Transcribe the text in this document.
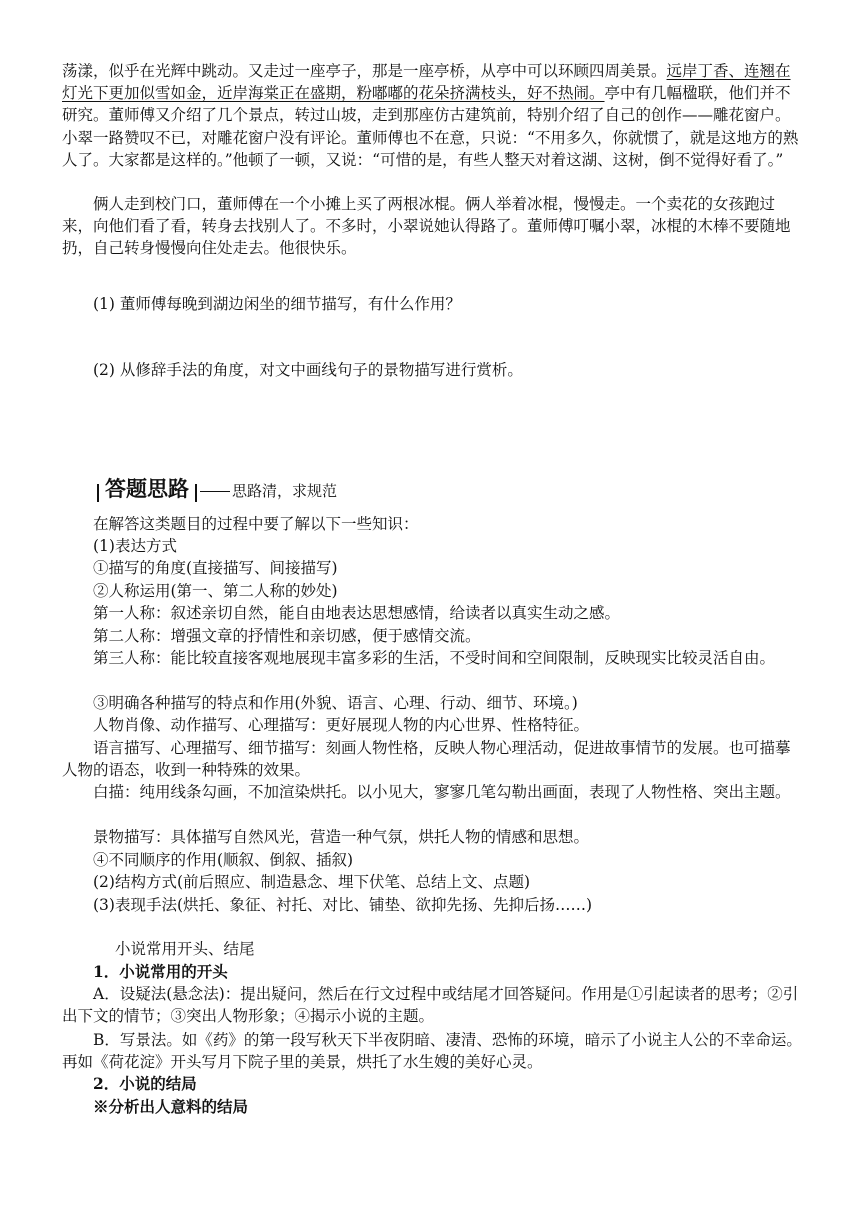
荡漾，似乎在光辉中跳动。又走过一座亭子，那是一座亭桥，从亭中可以环顾四周美景。远岸丁香、连翘在灯光下更加似雪如金，近岸海棠正在盛期，粉嘟嘟的花朵挤满枝头，好不热闹。亭中有几幅楹联，他们并不研究。董师傅又介绍了几个景点，转过山坡，走到那座仿古建筑前，特别介绍了自己的创作——雕花窗户。小翠一路赞叹不已，对雕花窗户没有评论。董师傅也不在意，只说：“不用多久，你就惯了，就是这地方的熟人了。大家都是这样的。”他顿了一顿，又说：“可惜的是，有些人整天对着这湖、这树，倒不觉得好看了。”
俩人走到校门口，董师傅在一个小摊上买了两根冰棍。俩人举着冰棍，慢慢走。一个卖花的女孩跑过来，向他们看了看，转身去找别人了。不多时，小翠说她认得路了。董师傅叮嘱小翠，冰棍的木棒不要随地扔，自己转身慢慢向住处走去。他很快乐。
(1) 董师傅每晚到湖边闲坐的细节描写，有什么作用？
(2) 从修辞手法的角度，对文中画线句子的景物描写进行赏析。
答题思路	思路清，求规范
在解答这类题目的过程中要了解以下一些知识：
(1)表达方式
①描写的角度(直接描写、间接描写)
②人称运用(第一、第二人称的妙处)
第一人称：叙述亲切自然，能自由地表达思想感情，给读者以真实生动之感。
第二人称：增强文章的抒情性和亲切感，便于感情交流。
第三人称：能比较直接客观地展现丰富多彩的生活，不受时间和空间限制，反映现实比较灵活自由。
③明确各种描写的特点和作用(外貌、语言、心理、行动、细节、环境。)
人物肖像、动作描写、心理描写：更好展现人物的内心世界、性格特征。
语言描写、心理描写、细节描写：刻画人物性格，反映人物心理活动，促进故事情节的发展。也可描摹人物的语态，收到一种特殊的效果。
白描：纯用线条勾画，不加渲染烘托。以小见大，寥寥几笔勾勒出画面，表现了人物性格、突出主题。
景物描写：具体描写自然风光，营造一种气氛，烘托人物的情感和思想。
④不同顺序的作用(顺叙、倒叙、插叙)
(2)结构方式(前后照应、制造悬念、埋下伏笔、总结上文、点题)
(3)表现手法(烘托、象征、衬托、对比、铺垫、欲抑先扬、先抑后扬……)
小说常用开头、结尾
1．小说常用的开头
A．设疑法(悬念法)：提出疑问，然后在行文过程中或结尾才回答疑问。作用是①引起读者的思考；②引出下文的情节；③突出人物形象；④揭示小说的主题。
B．写景法。如《药》的第一段写秋天下半夜阴暗、凄清、恐怖的环境，暗示了小说主人公的不幸命运。再如《荷花淀》开头写月下院子里的美景，烘托了水生嫂的美好心灵。
2．小说的结局
※分析出人意料的结局
